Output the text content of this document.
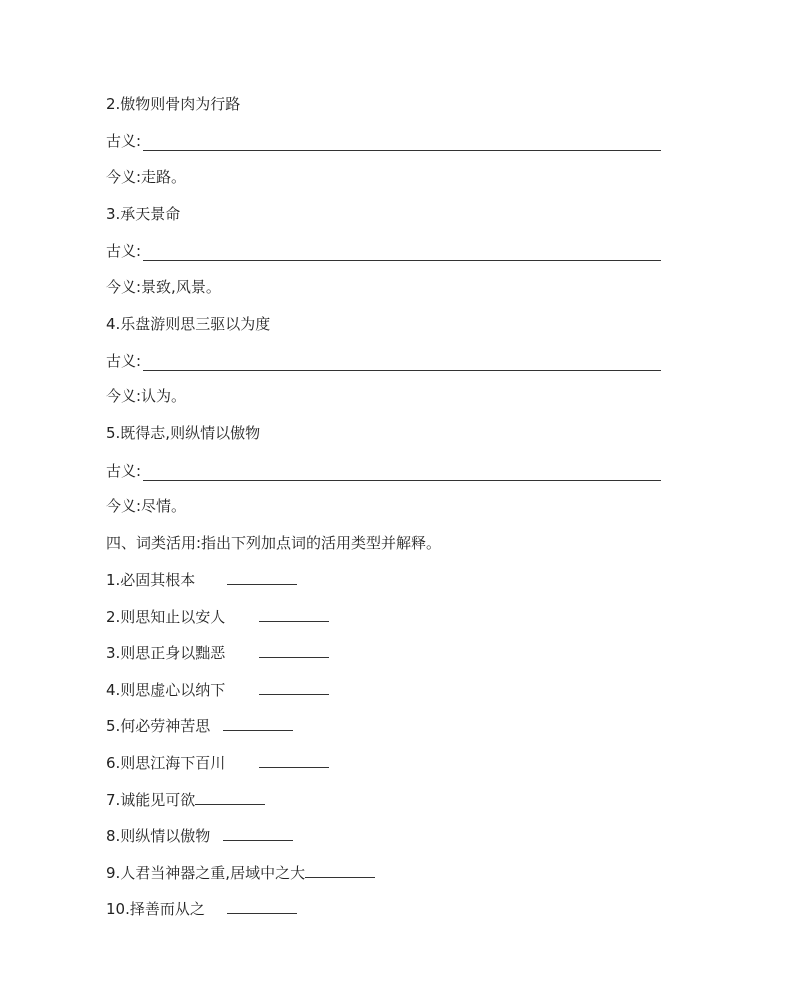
2.傲物则骨肉为行路
古义:
今义:走路。
3.承天景命
古义:
今义:景致,风景。
4.乐盘游则思三驱以为度
古义:
今义:认为。
5.既得志,则纵情以傲物
古义:
今义:尽情。
四、词类活用:指出下列加点词的活用类型并解释。
1.必固其根本
2.则思知止以安人
3.则思正身以黜恶
4.则思虚心以纳下
5.何必劳神苦思
6.则思江海下百川
7.诚能见可欲
8.则纵情以傲物
9.人君当神器之重,居域中之大
10.择善而从之
